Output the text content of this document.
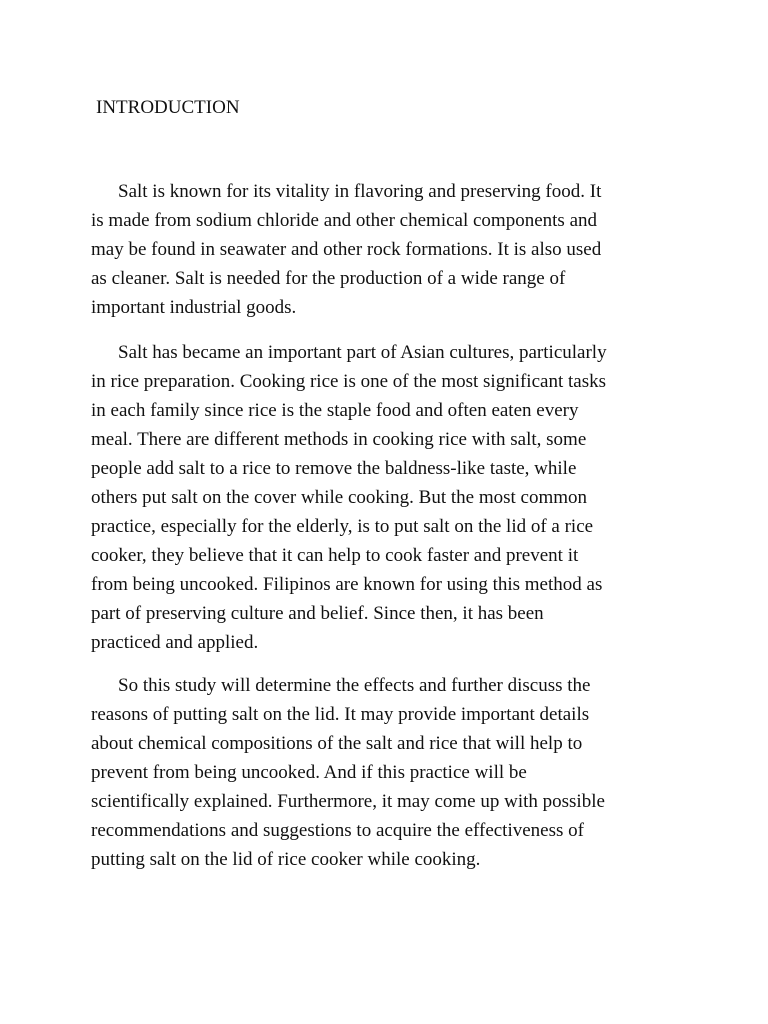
INTRODUCTION

Salt is known for its vitality in flavoring and preserving food. It
is made from sodium chloride and other chemical components and
may be found in seawater and other rock formations. It is also used
as cleaner. Salt is needed for the production of a wide range of
important industrial goods.

Salt has became an important part of Asian cultures, particularly
in rice preparation. Cooking rice is one of the most significant tasks
in each family since rice is the staple food and often eaten every
meal. There are different methods in cooking rice with salt, some
people add salt to a rice to remove the baldness-like taste, while
others put salt on the cover while cooking. But the most common
practice, especially for the elderly, is to put salt on the lid of a rice
cooker, they believe that it can help to cook faster and prevent it
from being uncooked. Filipinos are known for using this method as
part of preserving culture and belief. Since then, it has been
practiced and applied.

So this study will determine the effects and further discuss the
reasons of putting salt on the lid. It may provide important details
about chemical compositions of the salt and rice that will help to
prevent from being uncooked. And if this practice will be
scientifically explained. Furthermore, it may come up with possible
recommendations and suggestions to acquire the effectiveness of
putting salt on the lid of rice cooker while cooking.
